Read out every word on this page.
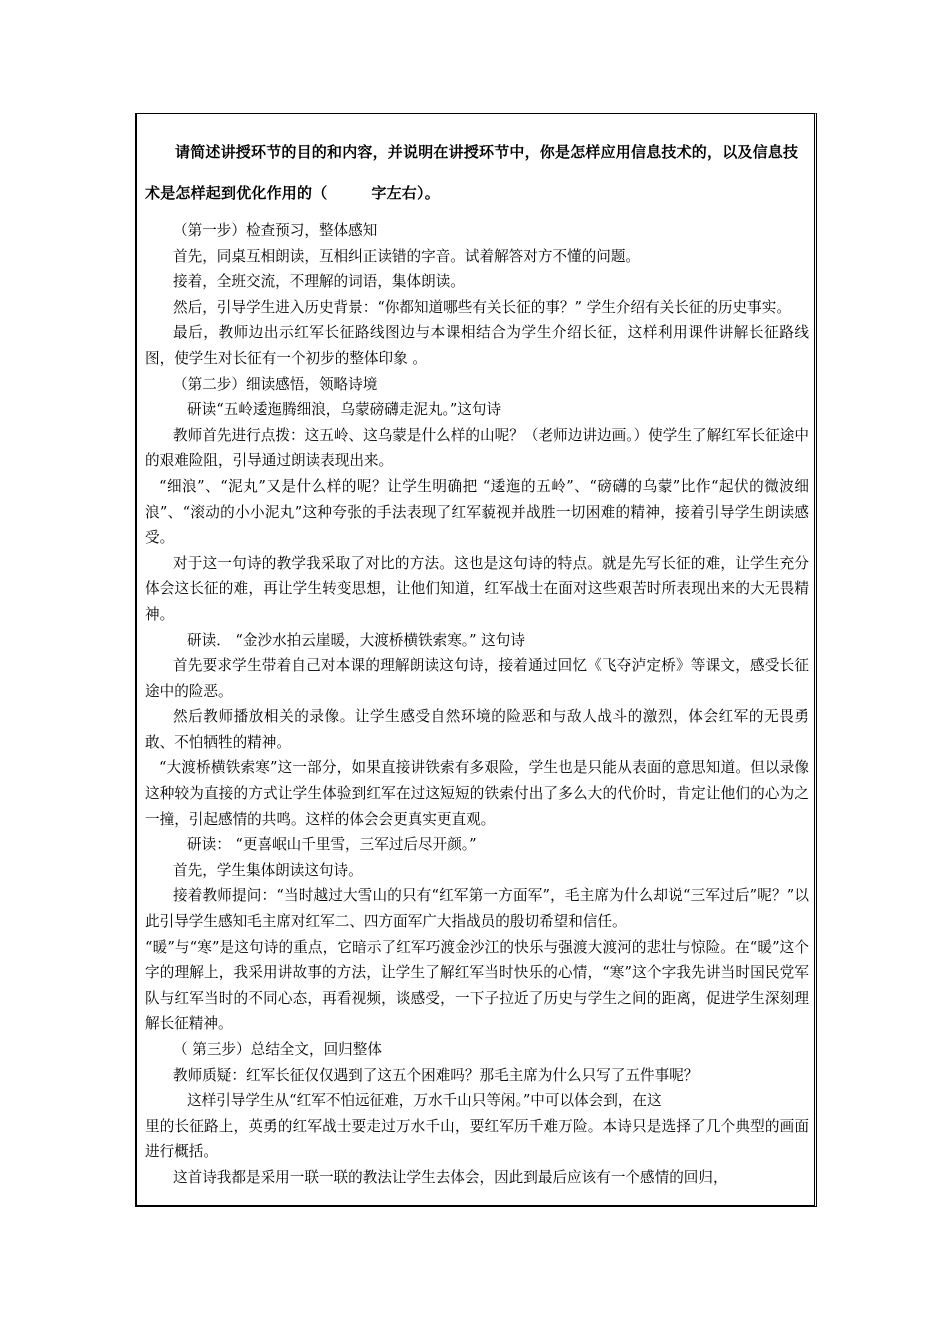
请简述讲授环节的目的和内容，并说明在讲授环节中，你是怎样应用信息技术的，以及信息技术是怎样起到优化作用的（	字左右）。

（第一步）检查预习，整体感知

首先，同桌互相朗读，互相纠正读错的字音。试着解答对方不懂的问题。

接着，全班交流，不理解的词语，集体朗读。

然后，引导学生进入历史背景：“你都知道哪些有关长征的事？” 学生介绍有关长征的历史事实。

最后，教师边出示红军长征路线图边与本课相结合为学生介绍长征，这样利用课件讲解长征路线图，使学生对长征有一个初步的整体印象 。

（第二步）细读感悟，领略诗境

研读“五岭逶迤腾细浪，乌蒙磅礴走泥丸。”这句诗

教师首先进行点拨：这五岭、这乌蒙是什么样的山呢？（老师边讲边画。）使学生了解红军长征途中的艰难险阻，引导通过朗读表现出来。

“细浪”、“泥丸”又是什么样的呢？让学生明确把 “逶迤的五岭”、“磅礴的乌蒙”比作“起伏的微波细浪”、“滚动的小小泥丸”这种夸张的手法表现了红军藐视并战胜一切困难的精神，接着引导学生朗读感受。

对于这一句诗的教学我采取了对比的方法。这也是这句诗的特点。就是先写长征的难，让学生充分体会这长征的难，再让学生转变思想，让他们知道，红军战士在面对这些艰苦时所表现出来的大无畏精神。

研读． “金沙水拍云崖暖，大渡桥横铁索寒。” 这句诗

首先要求学生带着自己对本课的理解朗读这句诗，接着通过回忆《飞夺泸定桥》等课文，感受长征途中的险恶。

然后教师播放相关的录像。让学生感受自然环境的险恶和与敌人战斗的激烈，体会红军的无畏勇敢、不怕牺牲的精神。

“大渡桥横铁索寒”这一部分，如果直接讲铁索有多艰险，学生也是只能从表面的意思知道。但以录像这种较为直接的方式让学生体验到红军在过这短短的铁索付出了多么大的代价时，肯定让他们的心为之一撞，引起感情的共鸣。这样的体会会更真实更直观。

研读： “更喜岷山千里雪，三军过后尽开颜。”

首先，学生集体朗读这句诗。

接着教师提问：“当时越过大雪山的只有“红军第一方面军”，毛主席为什么却说“三军过后”呢？”以此引导学生感知毛主席对红军二、四方面军广大指战员的殷切希望和信任。

“暖”与“寒”是这句诗的重点，它暗示了红军巧渡金沙江的快乐与强渡大渡河的悲壮与惊险。在“暖”这个字的理解上，我采用讲故事的方法，让学生了解红军当时快乐的心情，“寒”这个字我先讲当时国民党军队与红军当时的不同心态，再看视频，谈感受，一下子拉近了历史与学生之间的距离，促进学生深刻理解长征精神。

（ 第三步）总结全文，回归整体

教师质疑：红军长征仅仅遇到了这五个困难吗？那毛主席为什么只写了五件事呢？

这样引导学生从“红军不怕远征难，万水千山只等闲。”中可以体会到，在这

里的长征路上，英勇的红军战士要走过万水千山，要红军历千难万险。本诗只是选择了几个典型的画面进行概括。

这首诗我都是采用一联一联的教法让学生去体会，因此到最后应该有一个感情的回归，
